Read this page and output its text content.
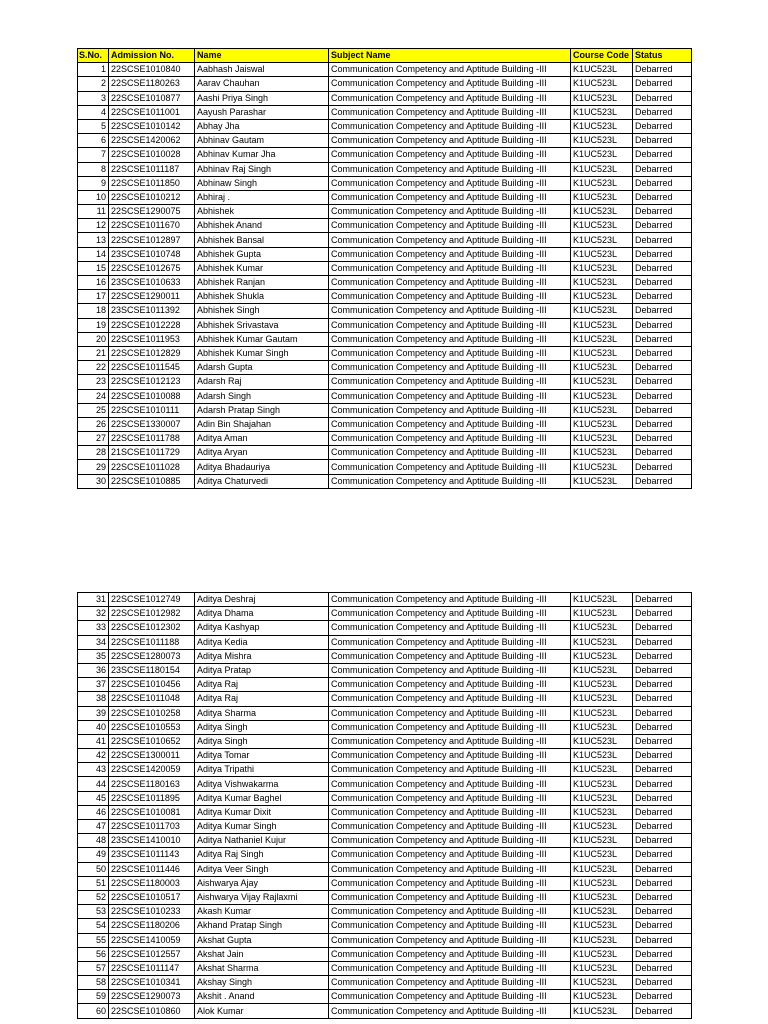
S.No.	Admission No.	Name	Subject Name	Course Code	Status
1	22SCSE1010840	Aabhash Jaiswal	Communication Competency and Aptitude Building -III	K1UC523L	Debarred
2	22SCSE1180263	Aarav Chauhan	Communication Competency and Aptitude Building -III	K1UC523L	Debarred
3	22SCSE1010877	Aashi Priya Singh	Communication Competency and Aptitude Building -III	K1UC523L	Debarred
4	22SCSE1011001	Aayush Parashar	Communication Competency and Aptitude Building -III	K1UC523L	Debarred
5	22SCSE1010142	Abhay Jha	Communication Competency and Aptitude Building -III	K1UC523L	Debarred
6	22SCSE1420062	Abhinav Gautam	Communication Competency and Aptitude Building -III	K1UC523L	Debarred
7	22SCSE1010028	Abhinav Kumar Jha	Communication Competency and Aptitude Building -III	K1UC523L	Debarred
8	22SCSE1011187	Abhinav Raj Singh	Communication Competency and Aptitude Building -III	K1UC523L	Debarred
9	22SCSE1011850	Abhinaw Singh	Communication Competency and Aptitude Building -III	K1UC523L	Debarred
10	22SCSE1010212	Abhiraj .	Communication Competency and Aptitude Building -III	K1UC523L	Debarred
11	22SCSE1290075	Abhishek	Communication Competency and Aptitude Building -III	K1UC523L	Debarred
12	22SCSE1011670	Abhishek Anand	Communication Competency and Aptitude Building -III	K1UC523L	Debarred
13	22SCSE1012897	Abhishek Bansal	Communication Competency and Aptitude Building -III	K1UC523L	Debarred
14	23SCSE1010748	Abhishek Gupta	Communication Competency and Aptitude Building -III	K1UC523L	Debarred
15	22SCSE1012675	Abhishek Kumar	Communication Competency and Aptitude Building -III	K1UC523L	Debarred
16	23SCSE1010633	Abhishek Ranjan	Communication Competency and Aptitude Building -III	K1UC523L	Debarred
17	22SCSE1290011	Abhishek Shukla	Communication Competency and Aptitude Building -III	K1UC523L	Debarred
18	23SCSE1011392	Abhishek Singh	Communication Competency and Aptitude Building -III	K1UC523L	Debarred
19	22SCSE1012228	Abhishek Srivastava	Communication Competency and Aptitude Building -III	K1UC523L	Debarred
20	22SCSE1011953	Abhishek Kumar Gautam	Communication Competency and Aptitude Building -III	K1UC523L	Debarred
21	22SCSE1012829	Abhishek Kumar Singh	Communication Competency and Aptitude Building -III	K1UC523L	Debarred
22	22SCSE1011545	Adarsh Gupta	Communication Competency and Aptitude Building -III	K1UC523L	Debarred
23	22SCSE1012123	Adarsh Raj	Communication Competency and Aptitude Building -III	K1UC523L	Debarred
24	22SCSE1010088	Adarsh Singh	Communication Competency and Aptitude Building -III	K1UC523L	Debarred
25	22SCSE1010111	Adarsh Pratap Singh	Communication Competency and Aptitude Building -III	K1UC523L	Debarred
26	22SCSE1330007	Adin Bin Shajahan	Communication Competency and Aptitude Building -III	K1UC523L	Debarred
27	22SCSE1011788	Aditya Aman	Communication Competency and Aptitude Building -III	K1UC523L	Debarred
28	21SCSE1011729	Aditya Aryan	Communication Competency and Aptitude Building -III	K1UC523L	Debarred
29	22SCSE1011028	Aditya Bhadauriya	Communication Competency and Aptitude Building -III	K1UC523L	Debarred
30	22SCSE1010885	Aditya Chaturvedi	Communication Competency and Aptitude Building -III	K1UC523L	Debarred
31	22SCSE1012749	Aditya Deshraj	Communication Competency and Aptitude Building -III	K1UC523L	Debarred
32	22SCSE1012982	Aditya Dhama	Communication Competency and Aptitude Building -III	K1UC523L	Debarred
33	22SCSE1012302	Aditya Kashyap	Communication Competency and Aptitude Building -III	K1UC523L	Debarred
34	22SCSE1011188	Aditya Kedia	Communication Competency and Aptitude Building -III	K1UC523L	Debarred
35	22SCSE1280073	Aditya Mishra	Communication Competency and Aptitude Building -III	K1UC523L	Debarred
36	23SCSE1180154	Aditya Pratap	Communication Competency and Aptitude Building -III	K1UC523L	Debarred
37	22SCSE1010456	Aditya Raj	Communication Competency and Aptitude Building -III	K1UC523L	Debarred
38	22SCSE1011048	Aditya Raj	Communication Competency and Aptitude Building -III	K1UC523L	Debarred
39	22SCSE1010258	Aditya Sharma	Communication Competency and Aptitude Building -III	K1UC523L	Debarred
40	22SCSE1010553	Aditya Singh	Communication Competency and Aptitude Building -III	K1UC523L	Debarred
41	22SCSE1010652	Aditya Singh	Communication Competency and Aptitude Building -III	K1UC523L	Debarred
42	22SCSE1300011	Aditya Tomar	Communication Competency and Aptitude Building -III	K1UC523L	Debarred
43	22SCSE1420059	Aditya Tripathi	Communication Competency and Aptitude Building -III	K1UC523L	Debarred
44	22SCSE1180163	Aditya Vishwakarma	Communication Competency and Aptitude Building -III	K1UC523L	Debarred
45	22SCSE1011895	Aditya Kumar Baghel	Communication Competency and Aptitude Building -III	K1UC523L	Debarred
46	22SCSE1010081	Aditya Kumar Dixit	Communication Competency and Aptitude Building -III	K1UC523L	Debarred
47	22SCSE1011703	Aditya Kumar Singh	Communication Competency and Aptitude Building -III	K1UC523L	Debarred
48	23SCSE1410010	Aditya Nathaniel Kujur	Communication Competency and Aptitude Building -III	K1UC523L	Debarred
49	23SCSE1011143	Aditya Raj Singh	Communication Competency and Aptitude Building -III	K1UC523L	Debarred
50	22SCSE1011446	Aditya Veer Singh	Communication Competency and Aptitude Building -III	K1UC523L	Debarred
51	22SCSE1180003	Aishwarya Ajay	Communication Competency and Aptitude Building -III	K1UC523L	Debarred
52	22SCSE1010517	Aishwarya Vijay Rajlaxmi	Communication Competency and Aptitude Building -III	K1UC523L	Debarred
53	22SCSE1010233	Akash Kumar	Communication Competency and Aptitude Building -III	K1UC523L	Debarred
54	22SCSE1180206	Akhand Pratap Singh	Communication Competency and Aptitude Building -III	K1UC523L	Debarred
55	22SCSE1410059	Akshat Gupta	Communication Competency and Aptitude Building -III	K1UC523L	Debarred
56	22SCSE1012557	Akshat Jain	Communication Competency and Aptitude Building -III	K1UC523L	Debarred
57	22SCSE1011147	Akshat Sharma	Communication Competency and Aptitude Building -III	K1UC523L	Debarred
58	22SCSE1010341	Akshay Singh	Communication Competency and Aptitude Building -III	K1UC523L	Debarred
59	22SCSE1290073	Akshit . Anand	Communication Competency and Aptitude Building -III	K1UC523L	Debarred
60	22SCSE1010860	Alok Kumar	Communication Competency and Aptitude Building -III	K1UC523L	Debarred
